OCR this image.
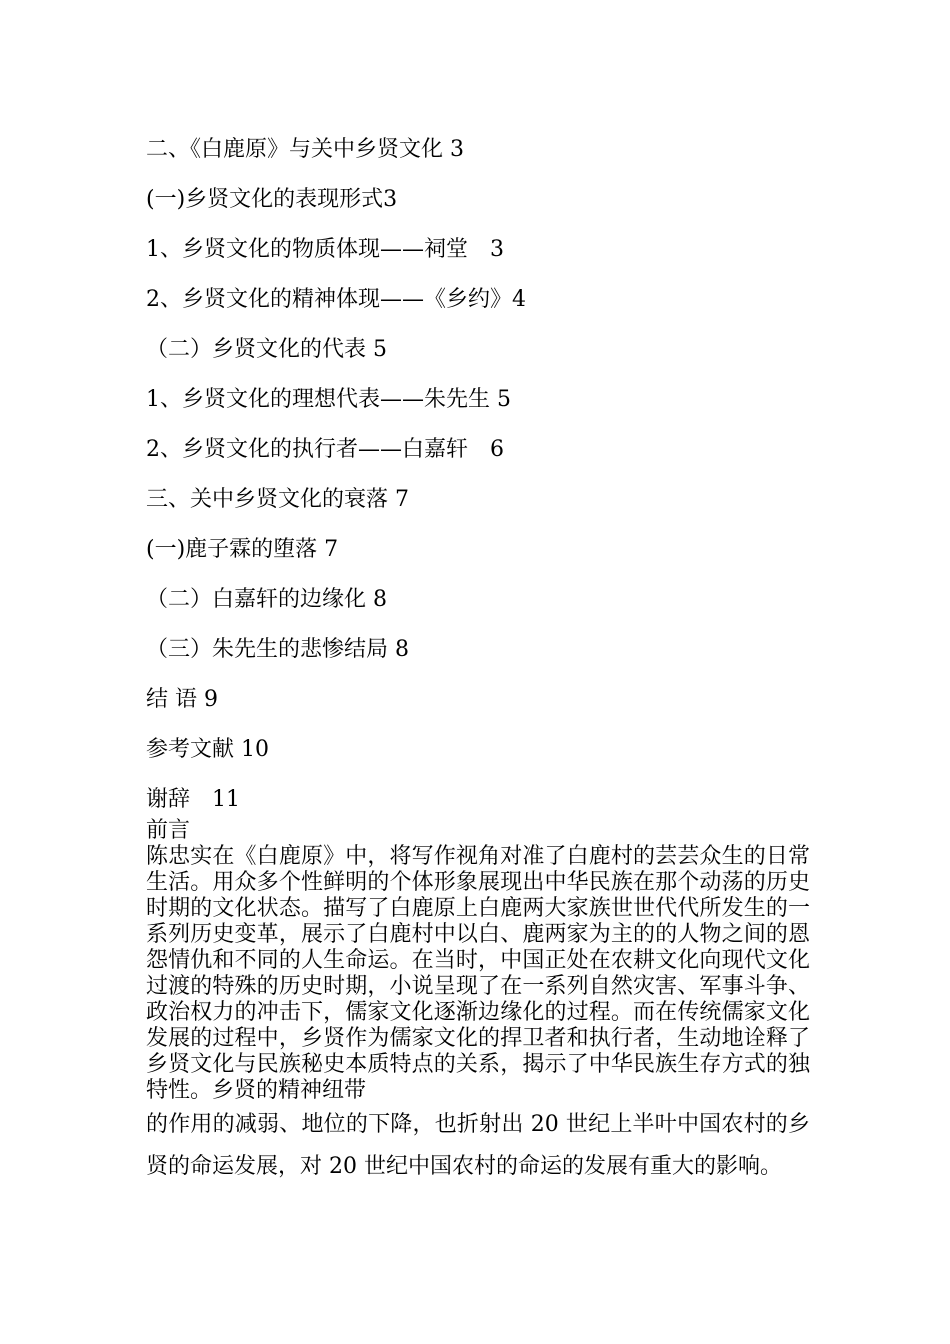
二、《白鹿原》与关中乡贤文化 3
(一)乡贤文化的表现形式3
1、乡贤文化的物质体现——祠堂　3
2、乡贤文化的精神体现——《乡约》4
（二）乡贤文化的代表 5
1、乡贤文化的理想代表——朱先生 5
2、乡贤文化的执行者——白嘉轩　6
三、关中乡贤文化的衰落 7
(一)鹿子霖的堕落 7
（二）白嘉轩的边缘化 8
（三）朱先生的悲惨结局 8
结 语 9
参考文献 10
谢辞　11
前言
陈忠实在《白鹿原》中，将写作视角对准了白鹿村的芸芸众生的日常生活。用众多个性鲜明的个体形象展现出中华民族在那个动荡的历史时期的文化状态。描写了白鹿原上白鹿两大家族世世代代所发生的一系列历史变革，展示了白鹿村中以白、鹿两家为主的的人物之间的恩怨情仇和不同的人生命运。在当时，中国正处在农耕文化向现代文化过渡的特殊的历史时期，小说呈现了在一系列自然灾害、军事斗争、政治权力的冲击下，儒家文化逐渐边缘化的过程。而在传统儒家文化发展的过程中，乡贤作为儒家文化的捍卫者和执行者，生动地诠释了乡贤文化与民族秘史本质特点的关系，揭示了中华民族生存方式的独特性。乡贤的精神纽带
的作用的减弱、地位的下降，也折射出 20 世纪上半叶中国农村的乡贤的命运发展，对 20 世纪中国农村的命运的发展有重大的影响。
